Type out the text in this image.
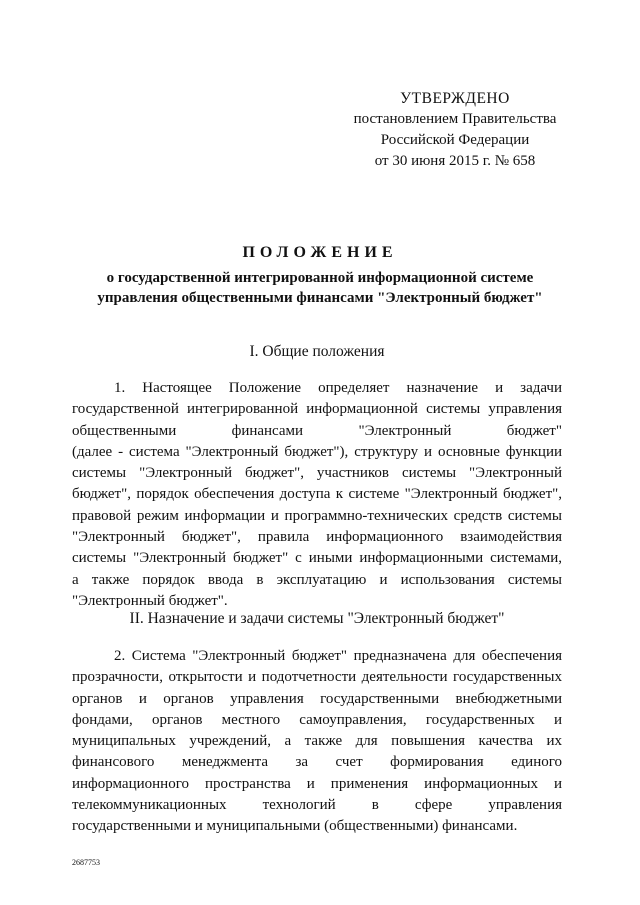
УТВЕРЖДЕНО
постановлением Правительства
Российской Федерации
от 30 июня 2015 г. № 658
ПОЛОЖЕНИЕ
о государственной интегрированной информационной системе
управления общественными финансами "Электронный бюджет"
I. Общие положения
1. Настоящее Положение определяет назначение и задачи
государственной интегрированной информационной системы управления
общественными финансами "Электронный бюджет"
(далее - система "Электронный бюджет"), структуру и основные функции
системы "Электронный бюджет", участников системы "Электронный
бюджет", порядок обеспечения доступа к системе "Электронный бюджет",
правовой режим информации и программно-технических средств системы
"Электронный бюджет", правила информационного взаимодействия
системы "Электронный бюджет" с иными информационными системами,
а также порядок ввода в эксплуатацию и использования системы
"Электронный бюджет".
II. Назначение и задачи системы "Электронный бюджет"
2. Система "Электронный бюджет" предназначена для обеспечения
прозрачности, открытости и подотчетности деятельности государственных
органов и органов управления государственными внебюджетными
фондами, органов местного самоуправления, государственных и
муниципальных учреждений, а также для повышения качества их
финансового менеджмента за счет формирования единого
информационного пространства и применения информационных и
телекоммуникационных технологий в сфере управления
государственными и муниципальными (общественными) финансами.
2687753
